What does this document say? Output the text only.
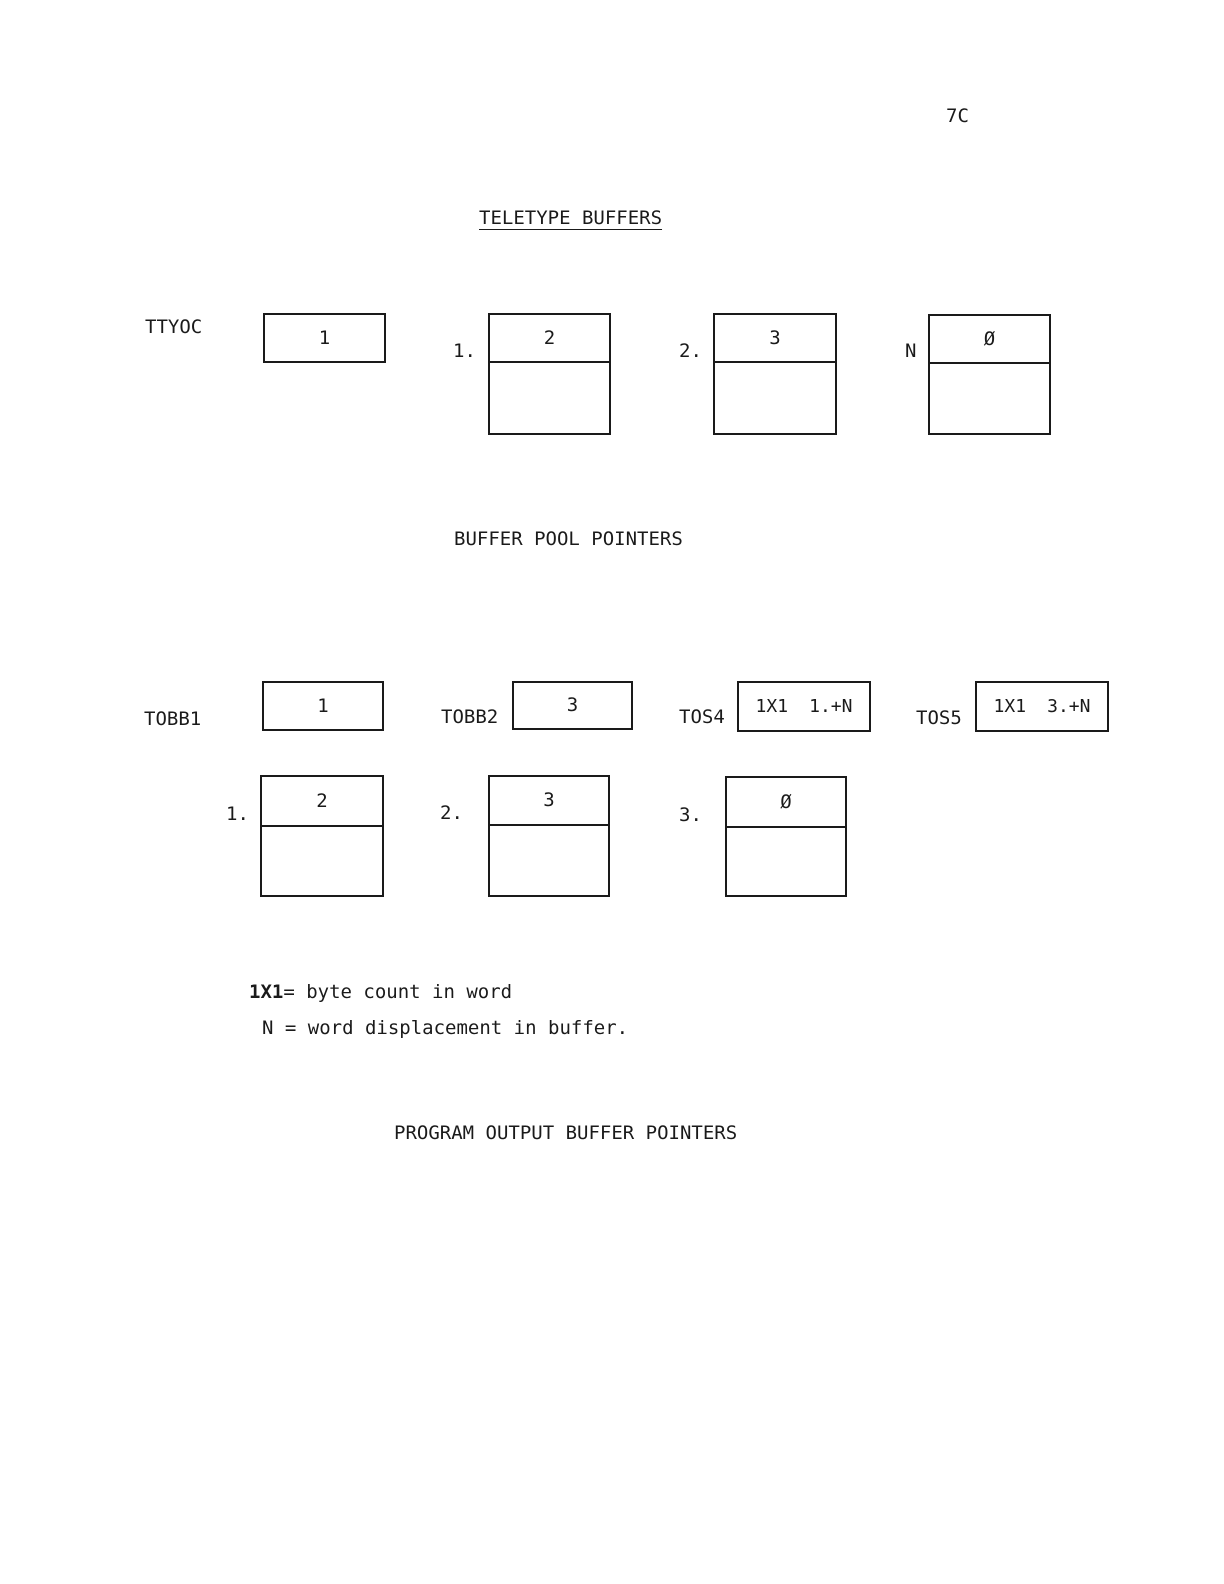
7C
TELETYPE BUFFERS
TTYOC	1
1.
2
2.
3
N
Ø
BUFFER POOL POINTERS
TOBB1
1
TOBB2
3
TOS4 1X1 1.+N
TOS5
1X1 3.+N
1.
2
2.
3
3.
Ø
1X1= byte count in word
N = word displacement in buffer.
PROGRAM OUTPUT BUFFER POINTERS
